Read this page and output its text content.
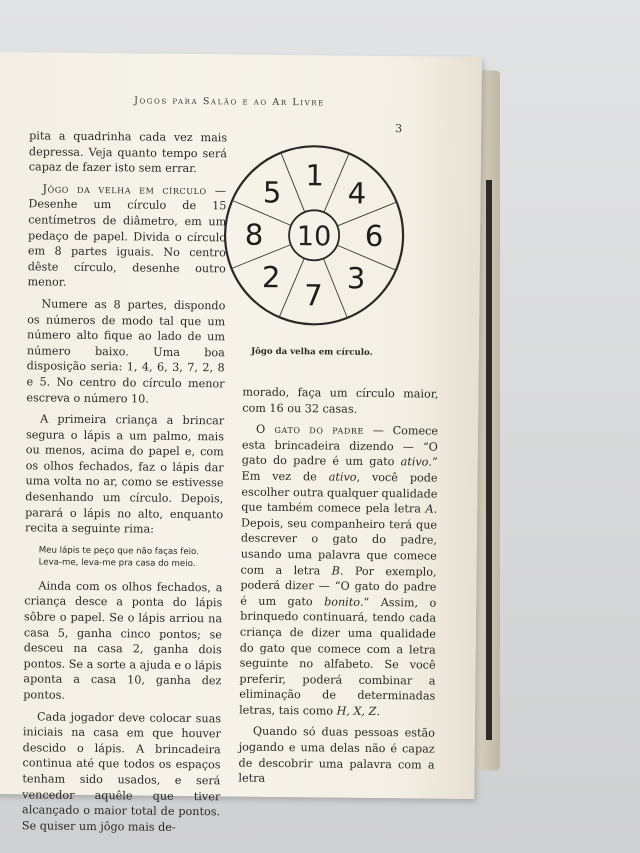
Jogos para Salão e ao Ar Livre
3

pita a quadrinha cada vez mais depressa. Veja quanto tempo será capaz de fazer isto sem errar.

Jôgo da velha em círculo — Desenhe um círculo de 15 centímetros de diâmetro, em um pedaço de papel. Divida o círculo em 8 partes iguais. No centro dêste círculo, desenhe outro menor.

Numere as 8 partes, dispondo os números de modo tal que um número alto fique ao lado de um número baixo. Uma boa disposição seria: 1, 4, 6, 3, 7, 2, 8 e 5. No centro do círculo menor escreva o número 10.

A primeira criança a brincar segura o lápis a um palmo, mais ou menos, acima do papel e, com os olhos fechados, faz o lápis dar uma volta no ar, como se estivesse desenhando um círculo. Depois, parará o lápis no alto, enquanto recita a seguinte rima:

Meu lápis te peço que não faças feio.
Leva-me, leva-me pra casa do meio.

Ainda com os olhos fechados, a criança desce a ponta do lápis sôbre o papel. Se o lápis arriou na casa 5, ganha cinco pontos; se desceu na casa 2, ganha dois pontos. Se a sorte a ajuda e o lápis aponta a casa 10, ganha dez pontos.

Cada jogador deve colocar suas iniciais na casa em que houver descido o lápis. A brincadeira continua até que todos os espaços tenham sido usados, e será vencedor aquêle que tiver alcançado o maior total de pontos. Se quiser um jôgo mais de-

1
4
6
3
7
2
8
5
10
Jôgo da velha em círculo.

morado, faça um círculo maior, com 16 ou 32 casas.

O gato do padre — Comece esta brincadeira dizendo — “O gato do padre é um gato ativo.” Em vez de ativo, você pode escolher outra qualquer qualidade que também comece pela letra A. Depois, seu companheiro terá que descrever o gato do padre, usando uma palavra que comece com a letra B. Por exemplo, poderá dizer — “O gato do padre é um gato bonito.” Assim, o brinquedo continuará, tendo cada criança de dizer uma qualidade do gato que comece com a letra seguinte no alfabeto. Se você preferir, poderá combinar a eliminação de determinadas letras, tais como H, X, Z.

Quando só duas pessoas estão jogando e uma delas não é capaz de descobrir uma palavra com a letra
